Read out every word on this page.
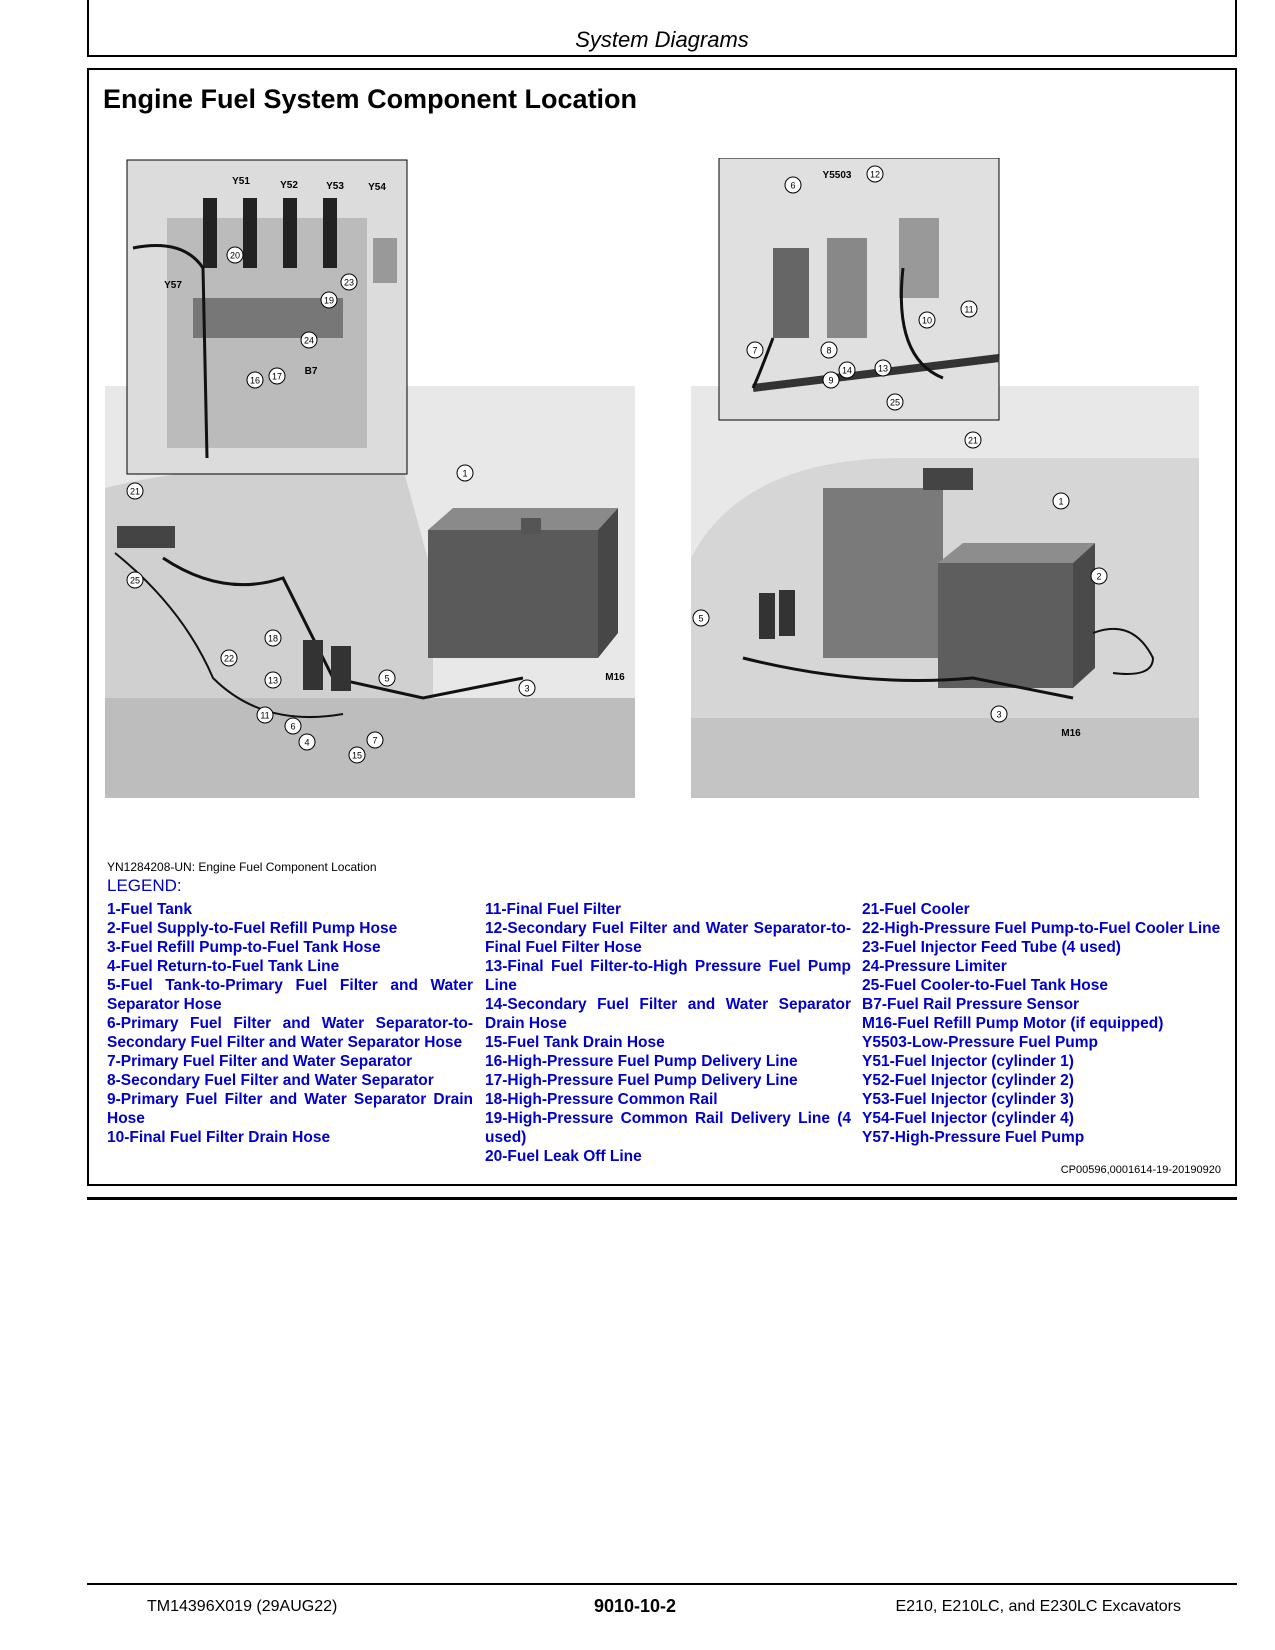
System Diagrams
Engine Fuel System Component Location
1
3
4
5
6
7
11
13
15
16 17
18
19
20
21
22
23
24
25
B7
M16
Y51	Y52	Y53 Y54
Y57
1
2
3
5
6
7	8
9
10
11
12
13
14
21
25
M16
Y5503
YN1284208-UN: Engine Fuel Component Location
LEGEND:
1-Fuel Tank
2-Fuel Supply-to-Fuel Refill Pump Hose
3-Fuel Refill Pump-to-Fuel Tank Hose
4-Fuel Return-to-Fuel Tank Line
5-Fuel Tank-to-Primary Fuel Filter and Water Separator Hose
6-Primary Fuel Filter and Water Separator-to-Secondary Fuel Filter and Water Separator Hose
7-Primary Fuel Filter and Water Separator
8-Secondary Fuel Filter and Water Separator
9-Primary Fuel Filter and Water Separator Drain Hose
10-Final Fuel Filter Drain Hose
11-Final Fuel Filter
12-Secondary Fuel Filter and Water Separator-to-Final Fuel Filter Hose
13-Final Fuel Filter-to-High Pressure Fuel Pump Line
14-Secondary Fuel Filter and Water Separator Drain Hose
15-Fuel Tank Drain Hose
16-High-Pressure Fuel Pump Delivery Line
17-High-Pressure Fuel Pump Delivery Line
18-High-Pressure Common Rail
19-High-Pressure Common Rail Delivery Line (4 used)
20-Fuel Leak Off Line
21-Fuel Cooler
22-High-Pressure Fuel Pump-to-Fuel Cooler Line
23-Fuel Injector Feed Tube (4 used)
24-Pressure Limiter
25-Fuel Cooler-to-Fuel Tank Hose
B7-Fuel Rail Pressure Sensor
M16-Fuel Refill Pump Motor (if equipped)
Y5503-Low-Pressure Fuel Pump
Y51-Fuel Injector (cylinder 1)
Y52-Fuel Injector (cylinder 2)
Y53-Fuel Injector (cylinder 3)
Y54-Fuel Injector (cylinder 4)
Y57-High-Pressure Fuel Pump
CP00596,0001614-19-20190920
TM14396X019 (29AUG22)	9010-10-2	E210, E210LC, and E230LC Excavators
